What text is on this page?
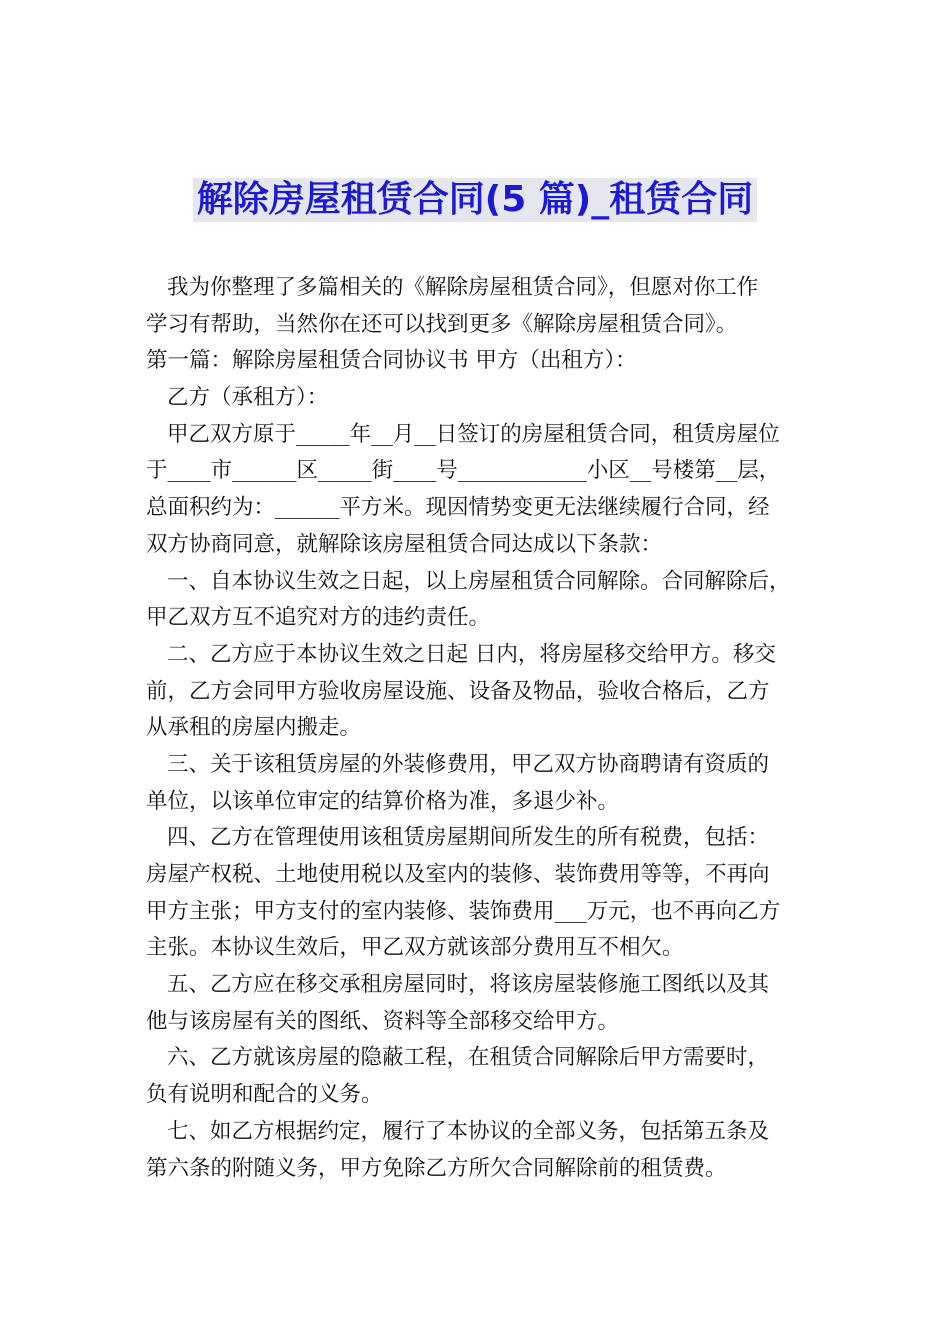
解除房屋租赁合同(5 篇)_租赁合同
我为你整理了多篇相关的《解除房屋租赁合同》，但愿对你工作
学习有帮助，当然你在还可以找到更多《解除房屋租赁合同》。
第一篇：解除房屋租赁合同协议书 甲方（出租方）：
乙方（承租方）：
甲乙双方原于_____年__月__日签订的房屋租赁合同，租赁房屋位
于____市______区_____街____号____________小区__号楼第__层，
总面积约为：______平方米。现因情势变更无法继续履行合同，经
双方协商同意，就解除该房屋租赁合同达成以下条款：
一、自本协议生效之日起，以上房屋租赁合同解除。合同解除后，
甲乙双方互不追究对方的违约责任。
二、乙方应于本协议生效之日起 日内，将房屋移交给甲方。移交
前，乙方会同甲方验收房屋设施、设备及物品，验收合格后，乙方
从承租的房屋内搬走。
三、关于该租赁房屋的外装修费用，甲乙双方协商聘请有资质的
单位，以该单位审定的结算价格为准，多退少补。
四、乙方在管理使用该租赁房屋期间所发生的所有税费，包括：
房屋产权税、土地使用税以及室内的装修、装饰费用等等，不再向
甲方主张；甲方支付的室内装修、装饰费用___万元，也不再向乙方
主张。本协议生效后，甲乙双方就该部分费用互不相欠。
五、乙方应在移交承租房屋同时，将该房屋装修施工图纸以及其
他与该房屋有关的图纸、资料等全部移交给甲方。
六、乙方就该房屋的隐蔽工程，在租赁合同解除后甲方需要时，
负有说明和配合的义务。
七、如乙方根据约定，履行了本协议的全部义务，包括第五条及
第六条的附随义务，甲方免除乙方所欠合同解除前的租赁费。
